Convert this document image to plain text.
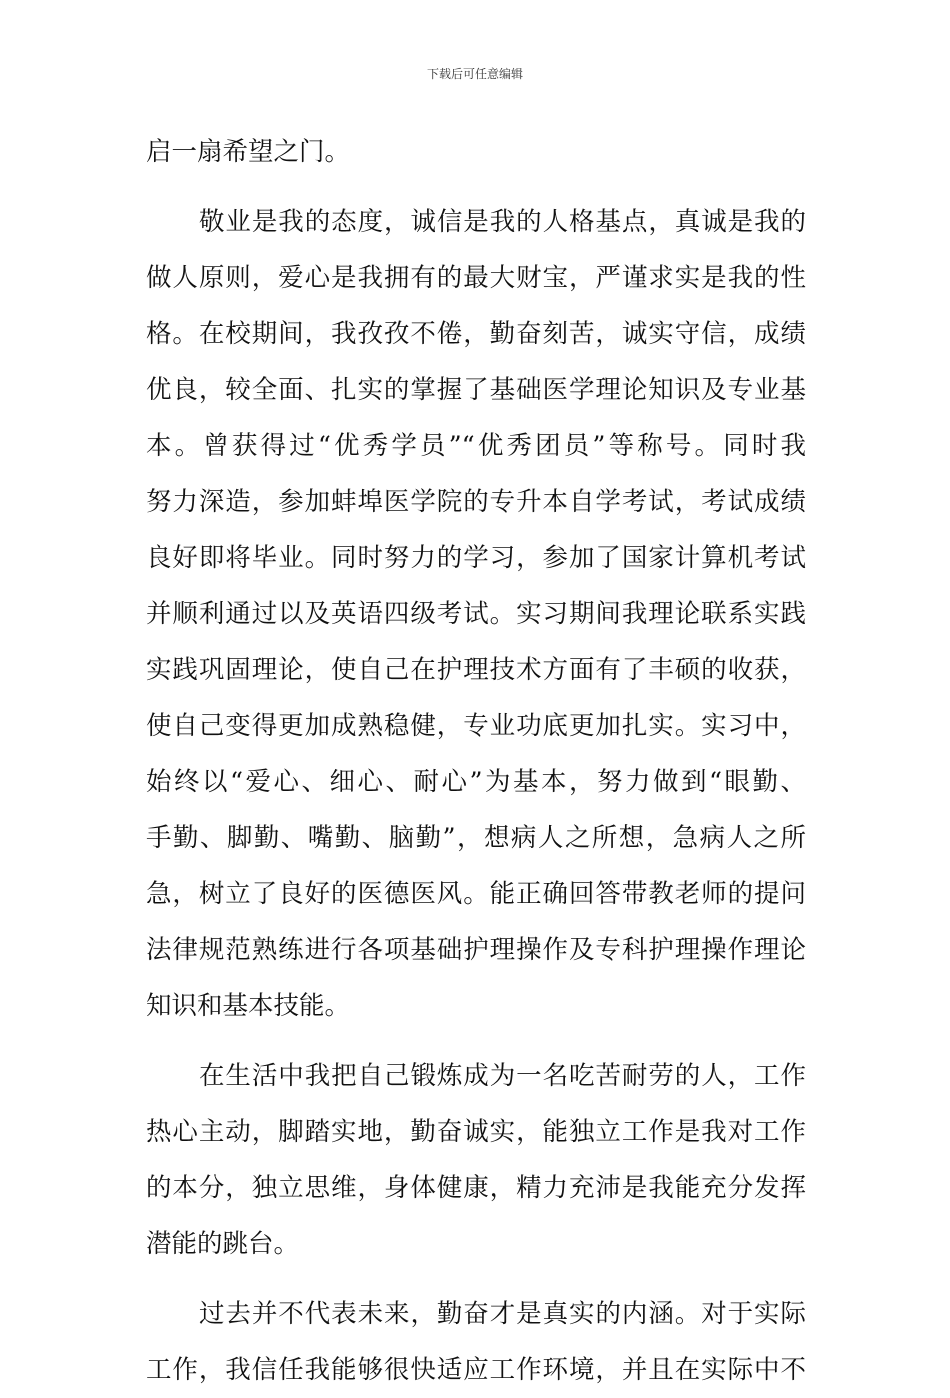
下载后可任意编辑
启一扇希望之门。
敬业是我的态度，诚信是我的人格基点，真诚是我的
做人原则，爱心是我拥有的最大财宝，严谨求实是我的性
格。在校期间，我孜孜不倦，勤奋刻苦，诚实守信，成绩
优良，较全面、扎实的掌握了基础医学理论知识及专业基
本。曾获得过“优秀学员”“优秀团员”等称号。同时我
努力深造，参加蚌埠医学院的专升本自学考试，考试成绩
良好即将毕业。同时努力的学习，参加了国家计算机考试
并顺利通过以及英语四级考试。实习期间我理论联系实践
实践巩固理论，使自己在护理技术方面有了丰硕的收获，
使自己变得更加成熟稳健，专业功底更加扎实。实习中，
始终以“爱心、细心、耐心”为基本，努力做到“眼勤、
手勤、脚勤、嘴勤、脑勤”，想病人之所想，急病人之所
急，树立了良好的医德医风。能正确回答带教老师的提问
法律规范熟练进行各项基础护理操作及专科护理操作理论
知识和基本技能。
在生活中我把自己锻炼成为一名吃苦耐劳的人，工作
热心主动，脚踏实地，勤奋诚实，能独立工作是我对工作
的本分，独立思维，身体健康，精力充沛是我能充分发挥
潜能的跳台。
过去并不代表未来，勤奋才是真实的内涵。对于实际
工作，我信任我能够很快适应工作环境，并且在实际中不
